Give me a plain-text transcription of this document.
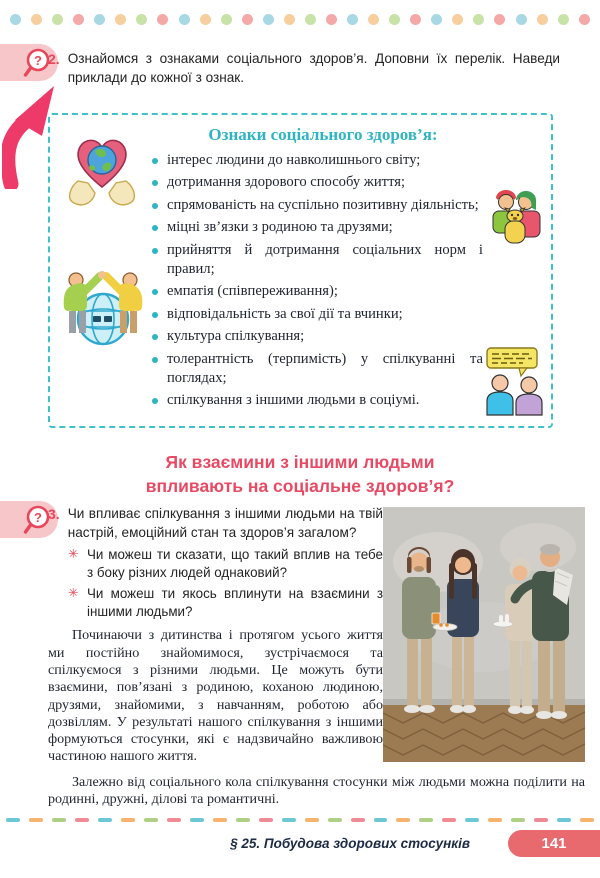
? 2. Ознайомся з ознаками соціального здоров’я. Доповни їх перелік. Наведи приклади до кожної з ознак.

Ознаки соціального здоров’я:
інтерес людини до навколишнього світу;
дотримання здорового способу життя;
спрямованість на суспільно позитивну діяльність;
міцні зв’язки з родиною та друзями;
прийняття й дотримання соціальних норм і правил;
емпатія (співпереживання);
відповідальність за свої дії та вчинки;
культура спілкування;
толерантність (терпимість) у спілкуванні та поглядах;
спілкування з іншими людьми в соціумі.
Як взаємини з іншими людьми
впливають на соціальне здоров’я?
? 3. Чи впливає спілкування з іншими людьми на твій настрій, емоційний стан та здоров’я загалом?

✳ Чи можеш ти сказати, що такий вплив на тебе з боку різних людей однаковий?
✳ Чи можеш ти якось вплинути на взаємини з іншими людьми?

Починаючи з дитинства і протягом усього життя ми постійно знайомимося, зустрічаємося та спілкуємося з різними людьми. Це можуть бути взаємини, пов’язані з родиною, коханою людиною, друзями, знайомими, з навчанням, роботою або дозвіллям. У результаті нашого спілкування з іншими формуються стосунки, які є надзвичайно важливою частиною нашого життя.

Залежно від соціального кола спілкування стосунки між людьми можна поділити на родинні, дружні, ділові та романтичні.

§ 25. Побудова здорових стосунків	141
